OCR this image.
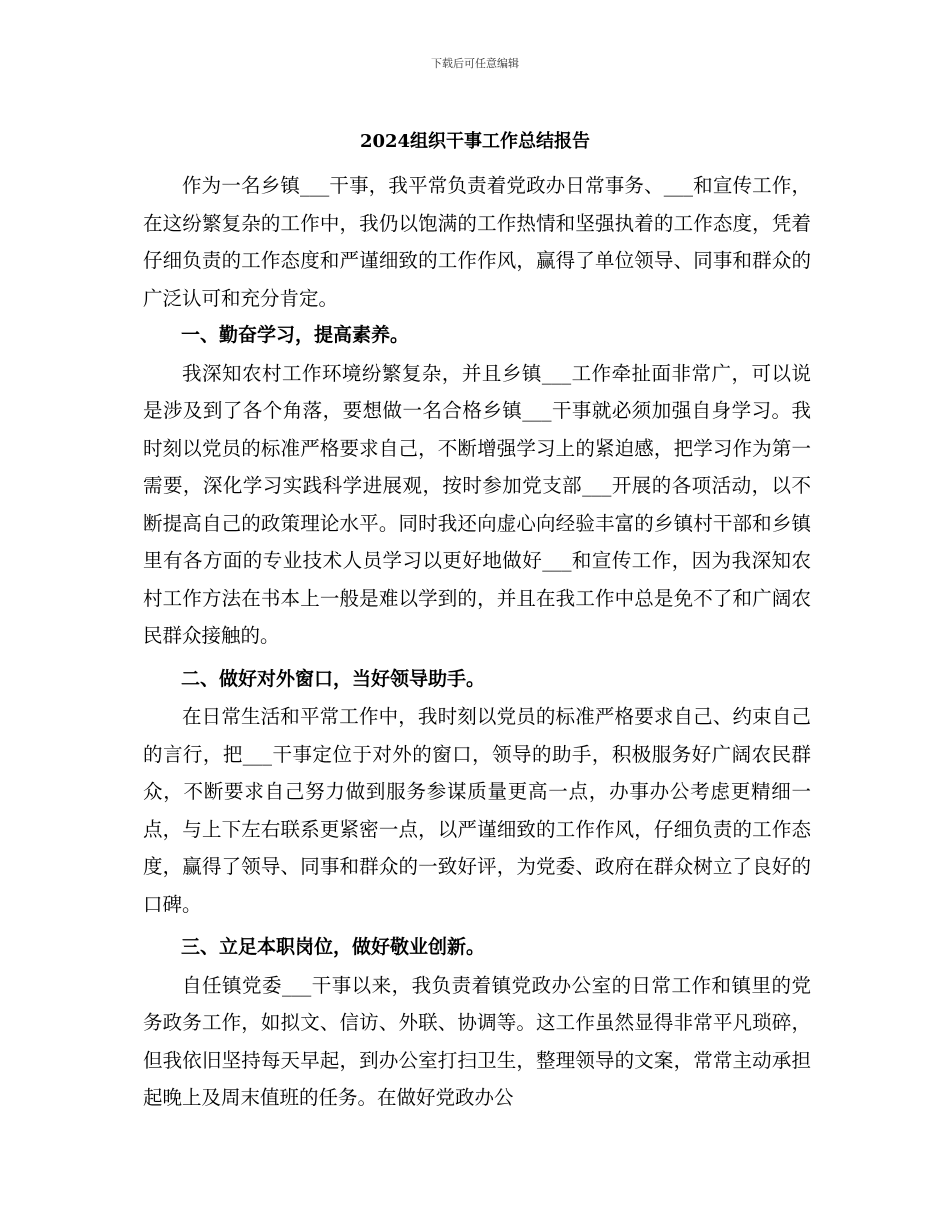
下载后可任意编辑
2024组织干事工作总结报告

作为一名乡镇___干事，我平常负责着党政办日常事务、___和宣传工作，在这纷繁复杂的工作中，我仍以饱满的工作热情和坚强执着的工作态度，凭着仔细负责的工作态度和严谨细致的工作作风，赢得了单位领导、同事和群众的广泛认可和充分肯定。

一、勤奋学习，提高素养。

我深知农村工作环境纷繁复杂，并且乡镇___工作牵扯面非常广，可以说是涉及到了各个角落，要想做一名合格乡镇___干事就必须加强自身学习。我时刻以党员的标准严格要求自己，不断增强学习上的紧迫感，把学习作为第一需要，深化学习实践科学进展观，按时参加党支部___开展的各项活动，以不断提高自己的政策理论水平。同时我还向虚心向经验丰富的乡镇村干部和乡镇里有各方面的专业技术人员学习以更好地做好___和宣传工作，因为我深知农村工作方法在书本上一般是难以学到的，并且在我工作中总是免不了和广阔农民群众接触的。

二、做好对外窗口，当好领导助手。

在日常生活和平常工作中，我时刻以党员的标准严格要求自己、约束自己的言行，把___干事定位于对外的窗口，领导的助手，积极服务好广阔农民群众，不断要求自己努力做到服务参谋质量更高一点，办事办公考虑更精细一点，与上下左右联系更紧密一点，以严谨细致的工作作风，仔细负责的工作态度，赢得了领导、同事和群众的一致好评，为党委、政府在群众树立了良好的口碑。

三、立足本职岗位，做好敬业创新。

自任镇党委___干事以来，我负责着镇党政办公室的日常工作和镇里的党务政务工作，如拟文、信访、外联、协调等。这工作虽然显得非常平凡琐碎，但我依旧坚持每天早起，到办公室打扫卫生，整理领导的文案，常常主动承担起晚上及周末值班的任务。在做好党政办公
